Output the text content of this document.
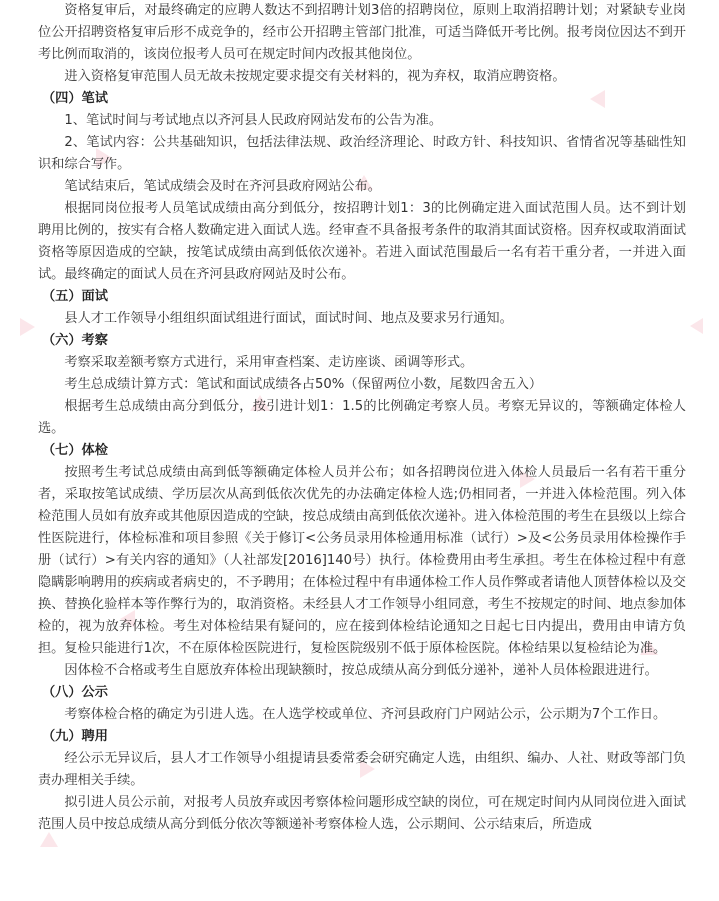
资格复审后，对最终确定的应聘人数达不到招聘计划3倍的招聘岗位，原则上取消招聘计划；对紧缺专业岗位公开招聘资格复审后形不成竞争的，经市公开招聘主管部门批准，可适当降低开考比例。报考岗位因达不到开考比例而取消的，该岗位报考人员可在规定时间内改报其他岗位。

进入资格复审范围人员无故未按规定要求提交有关材料的，视为弃权，取消应聘资格。

（四）笔试

1、笔试时间与考试地点以齐河县人民政府网站发布的公告为准。

2、笔试内容：公共基础知识，包括法律法规、政治经济理论、时政方针、科技知识、省情省况等基础性知识和综合写作。

笔试结束后，笔试成绩会及时在齐河县政府网站公布。

根据同岗位报考人员笔试成绩由高分到低分，按招聘计划1：3的比例确定进入面试范围人员。达不到计划聘用比例的，按实有合格人数确定进入面试人选。经审查不具备报考条件的取消其面试资格。因弃权或取消面试资格等原因造成的空缺，按笔试成绩由高到低依次递补。若进入面试范围最后一名有若干重分者，一并进入面试。最终确定的面试人员在齐河县政府网站及时公布。

（五）面试

县人才工作领导小组组织面试组进行面试，面试时间、地点及要求另行通知。

（六）考察

考察采取差额考察方式进行，采用审查档案、走访座谈、函调等形式。

考生总成绩计算方式：笔试和面试成绩各占50%（保留两位小数，尾数四舍五入）

根据考生总成绩由高分到低分，按引进计划1：1.5的比例确定考察人员。考察无异议的，等额确定体检人选。

（七）体检

按照考生考试总成绩由高到低等额确定体检人员并公布；如各招聘岗位进入体检人员最后一名有若干重分者，采取按笔试成绩、学历层次从高到低依次优先的办法确定体检人选;仍相同者，一并进入体检范围。列入体检范围人员如有放弃或其他原因造成的空缺，按总成绩由高到低依次递补。进入体检范围的考生在县级以上综合性医院进行，体检标准和项目参照《关于修订<公务员录用体检通用标准（试行）>及<公务员录用体检操作手册（试行）>有关内容的通知》（人社部发[2016]140号）执行。体检费用由考生承担。考生在体检过程中有意隐瞒影响聘用的疾病或者病史的，不予聘用；在体检过程中有串通体检工作人员作弊或者请他人顶替体检以及交换、替换化验样本等作弊行为的，取消资格。未经县人才工作领导小组同意，考生不按规定的时间、地点参加体检的，视为放弃体检。考生对体检结果有疑问的，应在接到体检结论通知之日起七日内提出，费用由申请方负担。复检只能进行1次，不在原体检医院进行，复检医院级别不低于原体检医院。体检结果以复检结论为准。

因体检不合格或考生自愿放弃体检出现缺额时，按总成绩从高分到低分递补，递补人员体检跟进进行。

（八）公示

考察体检合格的确定为引进人选。在人选学校或单位、齐河县政府门户网站公示，公示期为7个工作日。

（九）聘用

经公示无异议后，县人才工作领导小组提请县委常委会研究确定人选，由组织、编办、人社、财政等部门负责办理相关手续。

拟引进人员公示前，对报考人员放弃或因考察体检问题形成空缺的岗位，可在规定时间内从同岗位进入面试范围人员中按总成绩从高分到低分依次等额递补考察体检人选，公示期间、公示结束后，所造成
